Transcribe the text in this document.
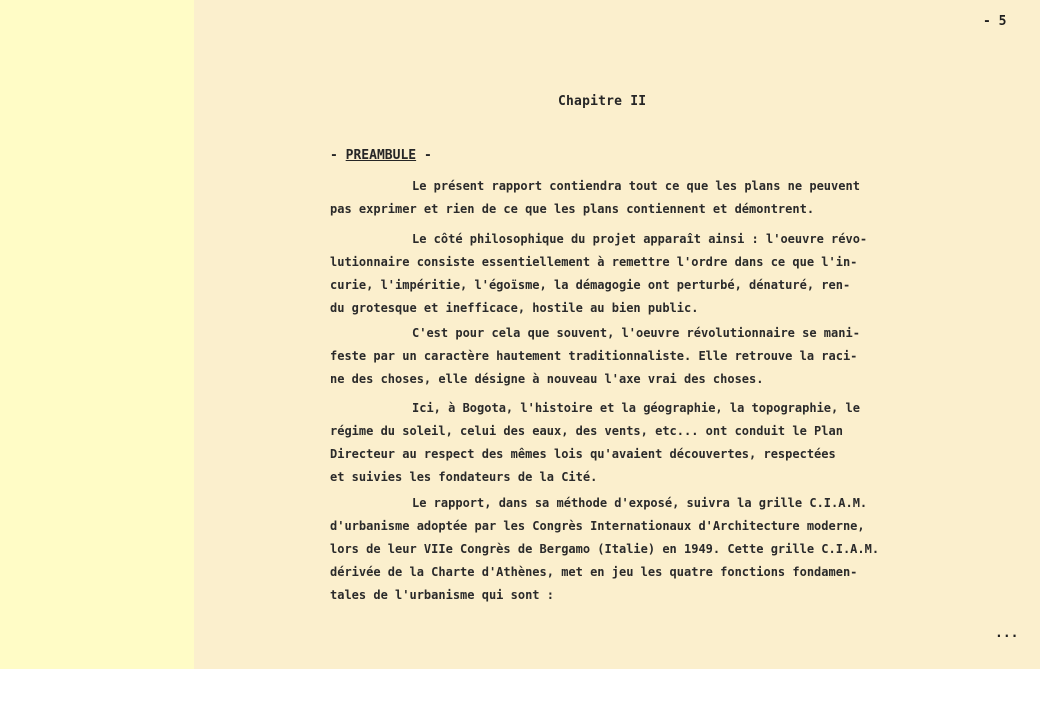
- 5
Chapitre II
- PREAMBULE -

Le présent rapport contiendra tout ce que les plans ne peuvent
pas exprimer et rien de ce que les plans contiennent et démontrent.

Le côté philosophique du projet apparaît ainsi : l'oeuvre révo-
lutionnaire consiste essentiellement à remettre l'ordre dans ce que l'in-
curie, l'impéritie, l'égoïsme, la démagogie ont perturbé, dénaturé, ren-
du grotesque et inefficace, hostile au bien public.

C'est pour cela que souvent, l'oeuvre révolutionnaire se mani-
feste par un caractère hautement traditionnaliste. Elle retrouve la raci-
ne des choses, elle désigne à nouveau l'axe vrai des choses.

Ici, à Bogota, l'histoire et la géographie, la topographie, le
régime du soleil, celui des eaux, des vents, etc... ont conduit le Plan
Directeur au respect des mêmes lois qu'avaient découvertes, respectées
et suivies les fondateurs de la Cité.

Le rapport, dans sa méthode d'exposé, suivra la grille C.I.A.M.
d'urbanisme adoptée par les Congrès Internationaux d'Architecture moderne,
lors de leur VIIe Congrès de Bergamo (Italie) en 1949. Cette grille C.I.A.M.
dérivée de la Charte d'Athènes, met en jeu les quatre fonctions fondamen-
tales de l'urbanisme qui sont :

...
